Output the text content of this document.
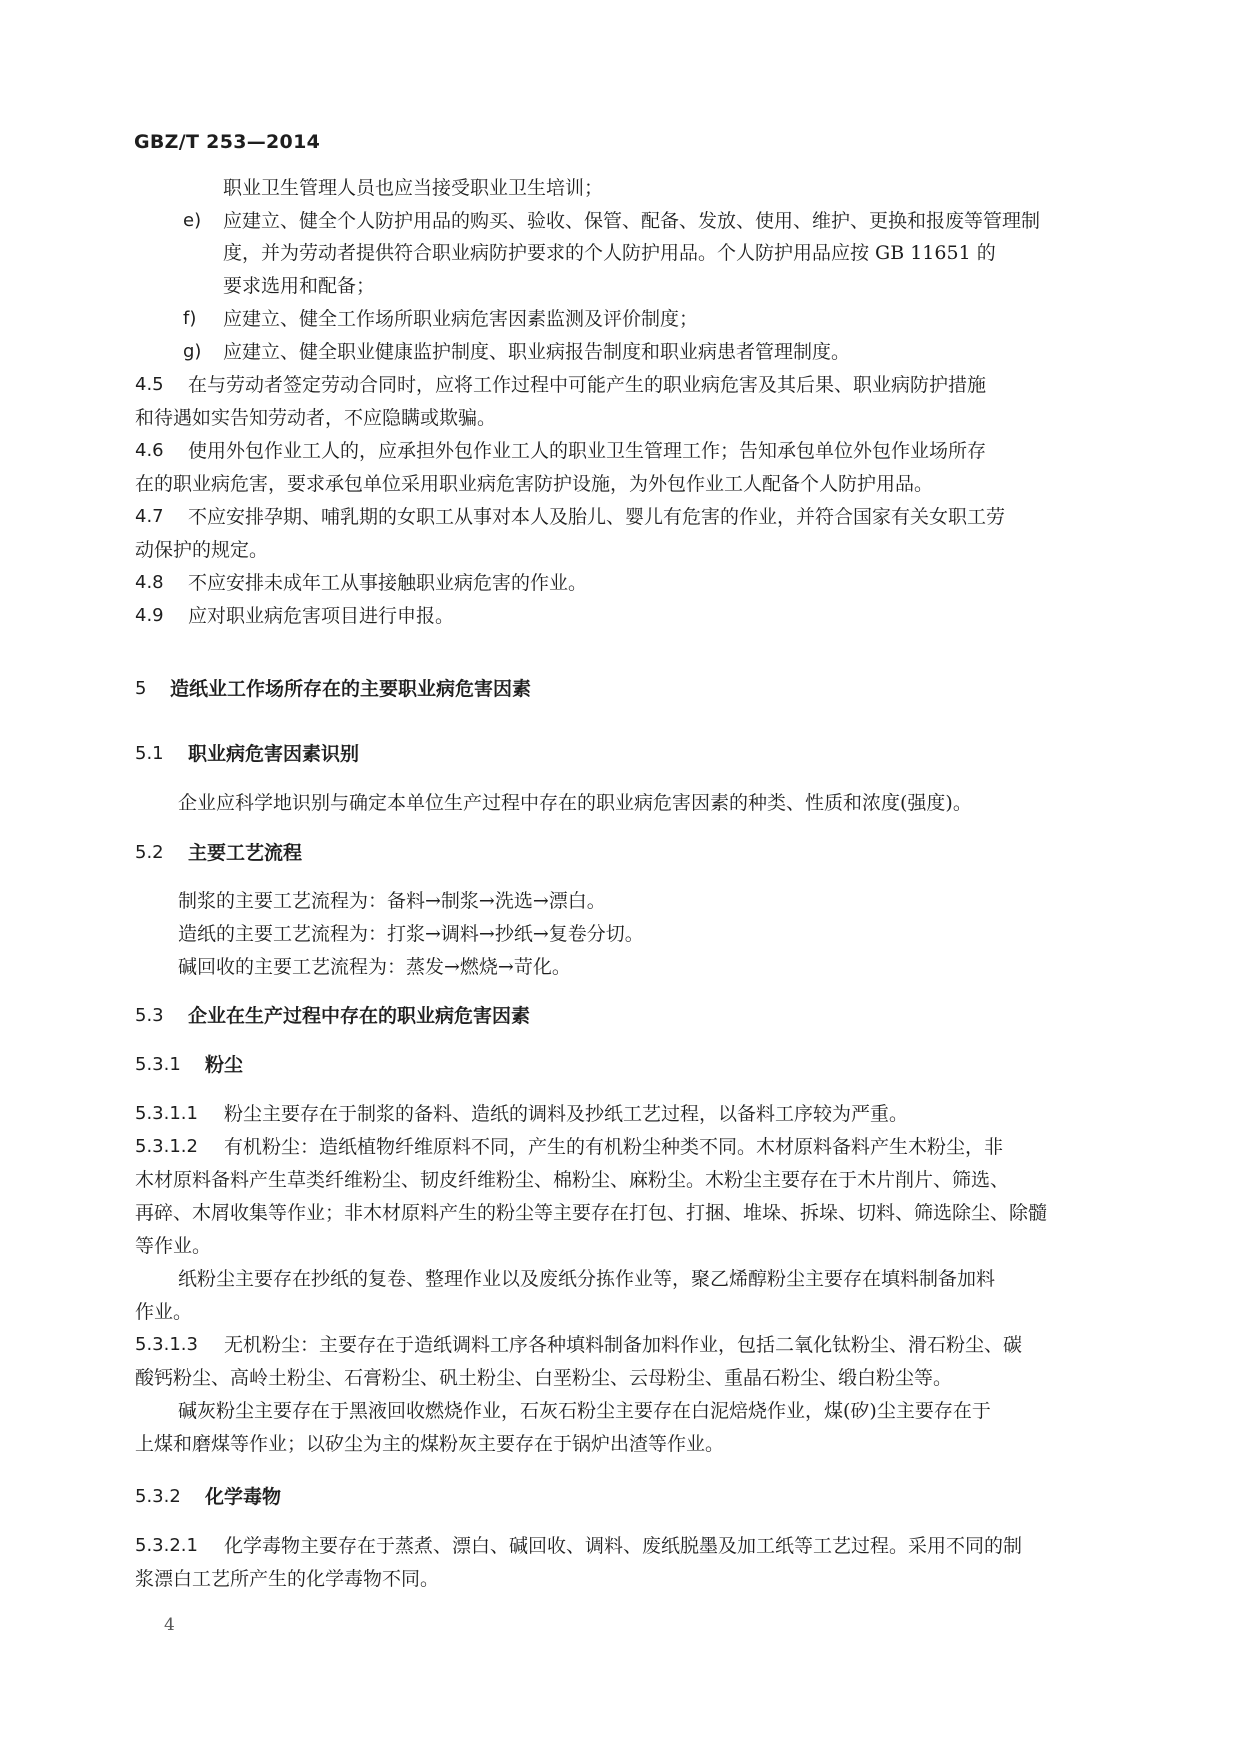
GBZ/T 253—2014
职业卫生管理人员也应当接受职业卫生培训；
e) 应建立、健全个人防护用品的购买、验收、保管、配备、发放、使用、维护、更换和报废等管理制
度，并为劳动者提供符合职业病防护要求的个人防护用品。个人防护用品应按 GB 11651 的
要求选用和配备；
f) 应建立、健全工作场所职业病危害因素监测及评价制度；
g) 应建立、健全职业健康监护制度、职业病报告制度和职业病患者管理制度。
4.5 在与劳动者签定劳动合同时，应将工作过程中可能产生的职业病危害及其后果、职业病防护措施
和待遇如实告知劳动者，不应隐瞒或欺骗。
4.6 使用外包作业工人的，应承担外包作业工人的职业卫生管理工作；告知承包单位外包作业场所存
在的职业病危害，要求承包单位采用职业病危害防护设施，为外包作业工人配备个人防护用品。
4.7 不应安排孕期、哺乳期的女职工从事对本人及胎儿、婴儿有危害的作业，并符合国家有关女职工劳
动保护的规定。
4.8 不应安排未成年工从事接触职业病危害的作业。
4.9 应对职业病危害项目进行申报。
5 造纸业工作场所存在的主要职业病危害因素
5.1 职业病危害因素识别
企业应科学地识别与确定本单位生产过程中存在的职业病危害因素的种类、性质和浓度(强度)。
5.2 主要工艺流程
制浆的主要工艺流程为：备料→制浆→洗选→漂白。
造纸的主要工艺流程为：打浆→调料→抄纸→复卷分切。
碱回收的主要工艺流程为：蒸发→燃烧→苛化。
5.3 企业在生产过程中存在的职业病危害因素
5.3.1 粉尘
5.3.1.1 粉尘主要存在于制浆的备料、造纸的调料及抄纸工艺过程，以备料工序较为严重。
5.3.1.2 有机粉尘：造纸植物纤维原料不同，产生的有机粉尘种类不同。木材原料备料产生木粉尘，非
木材原料备料产生草类纤维粉尘、韧皮纤维粉尘、棉粉尘、麻粉尘。木粉尘主要存在于木片削片、筛选、
再碎、木屑收集等作业；非木材原料产生的粉尘等主要存在打包、打捆、堆垛、拆垛、切料、筛选除尘、除髓
等作业。
纸粉尘主要存在抄纸的复卷、整理作业以及废纸分拣作业等，聚乙烯醇粉尘主要存在填料制备加料
作业。
5.3.1.3 无机粉尘：主要存在于造纸调料工序各种填料制备加料作业，包括二氧化钛粉尘、滑石粉尘、碳
酸钙粉尘、高岭土粉尘、石膏粉尘、矾土粉尘、白垩粉尘、云母粉尘、重晶石粉尘、缎白粉尘等。
碱灰粉尘主要存在于黑液回收燃烧作业，石灰石粉尘主要存在白泥焙烧作业，煤(矽)尘主要存在于
上煤和磨煤等作业；以矽尘为主的煤粉灰主要存在于锅炉出渣等作业。
5.3.2 化学毒物
5.3.2.1 化学毒物主要存在于蒸煮、漂白、碱回收、调料、废纸脱墨及加工纸等工艺过程。采用不同的制
浆漂白工艺所产生的化学毒物不同。
4
